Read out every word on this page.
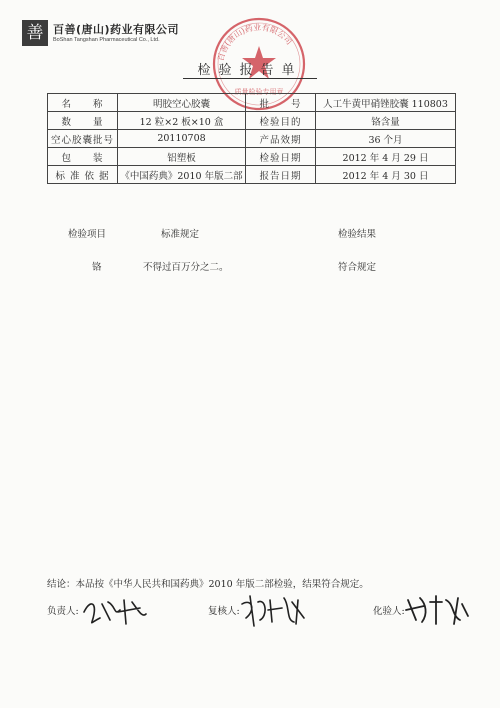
善 百善(唐山)药业有限公司
BoShan Tangshan Pharmaceutical Co., Ltd.
百善(唐山)药业有限公司
质量检验专用章
检验报告单
名　　称	明胶空心胶囊	批　　号	人工牛黄甲硝锉胶囊 110803
数　　量	12 粒×2 板×10 盒	检验目的	铬含量
空心胶囊批号	20110708	产品效期	36 个月
包　　装	铝塑板	检验日期	2012 年 4 月 29 日
标 准 依 据	《中国药典》2010 年版二部	报告日期	2012 年 4 月 30 日
检验项目	标准规定	检验结果
铬	不得过百万分之二。	符合规定
结论：本品按《中华人民共和国药典》2010 年版二部检验，结果符合规定。
负责人:	复核人:	化验人:
